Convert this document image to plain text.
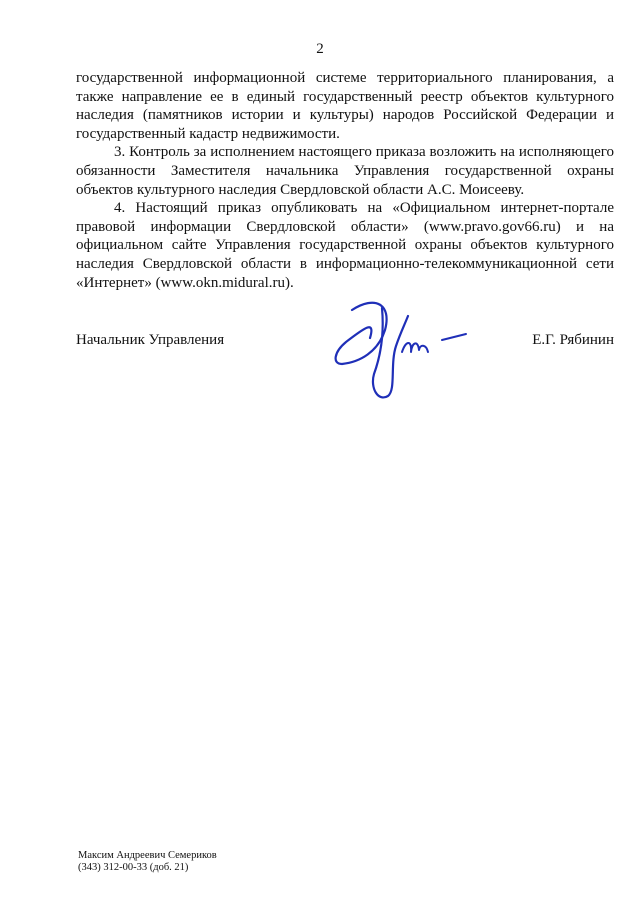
2

государственной информационной системе территориального планирования, а также направление ее в единый государственный реестр объектов культурного наследия (памятников истории и культуры) народов Российской Федерации и государственный кадастр недвижимости.

3. Контроль за исполнением настоящего приказа возложить на исполняющего обязанности Заместителя начальника Управления государственной охраны объектов культурного наследия Свердловской области А.С. Моисееву.

4. Настоящий приказ опубликовать на «Официальном интернет-портале правовой информации Свердловской области» (www.pravo.gov66.ru) и на официальном сайте Управления государственной охраны объектов культурного наследия Свердловской области в информационно-телекоммуникационной сети «Интернет» (www.okn.midural.ru).

Начальник Управления	Е.Г. Рябинин
Максим Андреевич Семериков
(343) 312-00-33 (доб. 21)
